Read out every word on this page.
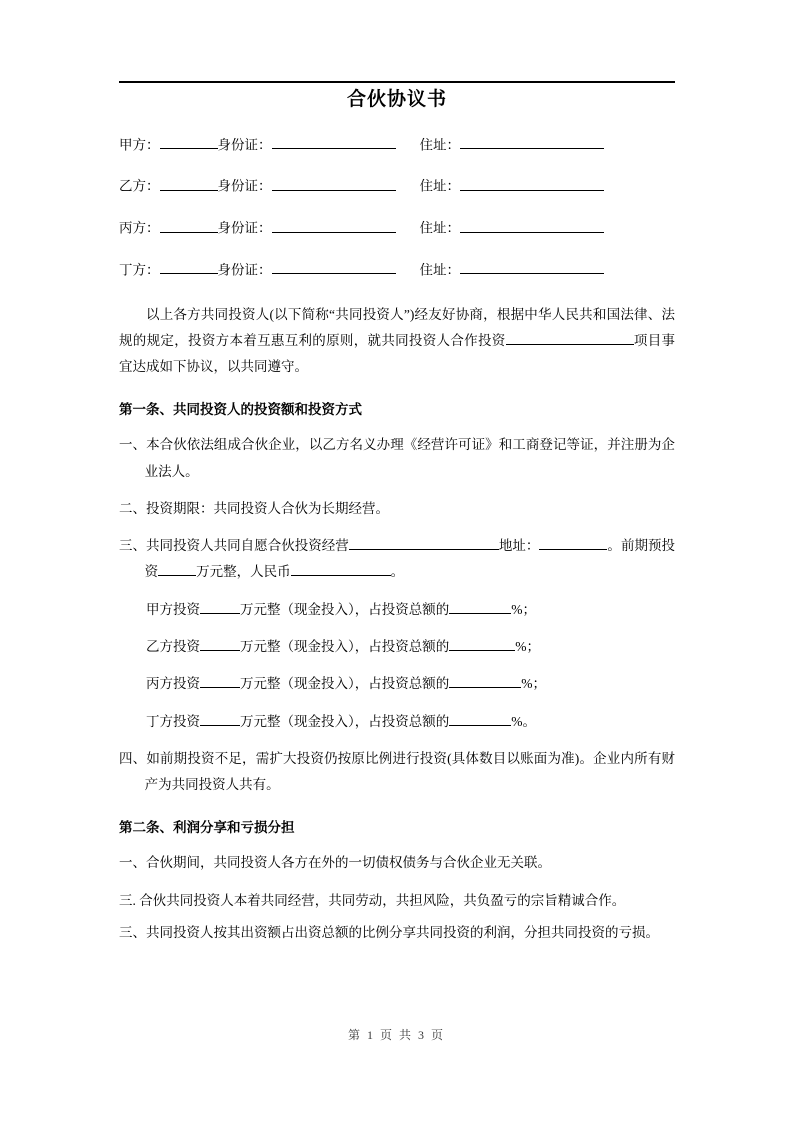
合伙协议书
甲方：	身份证：	住址：
乙方：	身份证：	住址：
丙方：	身份证：	住址：
丁方：	身份证：	住址：

以上各方共同投资人(以下简称“共同投资人”)经友好协商，根据中华人民共和国法律、法规的规定，投资方本着互惠互利的原则，就共同投资人合作投资	项目事宜达成如下协议，以共同遵守。

第一条、共同投资人的投资额和投资方式

一、本合伙依法组成合伙企业，以乙方名义办理《经营许可证》和工商登记等证，并注册为企业法人。

二、投资期限：共同投资人合伙为长期经营。

三、共同投资人共同自愿合伙投资经营	地址：	。前期预投资	万元整，人民币	。

甲方投资	万元整（现金投入），占投资总额的	%；

乙方投资	万元整（现金投入），占投资总额的	%；

丙方投资	万元整（现金投入），占投资总额的	%；

丁方投资	万元整（现金投入），占投资总额的	%。

四、如前期投资不足，需扩大投资仍按原比例进行投资(具体数目以账面为准)。企业内所有财产为共同投资人共有。

第二条、利润分享和亏损分担

一、合伙期间，共同投资人各方在外的一切债权债务与合伙企业无关联。

三. 合伙共同投资人本着共同经营，共同劳动，共担风险，共负盈亏的宗旨精诚合作。

三、共同投资人按其出资额占出资总额的比例分享共同投资的利润，分担共同投资的亏损。

第 1 页 共 3 页
